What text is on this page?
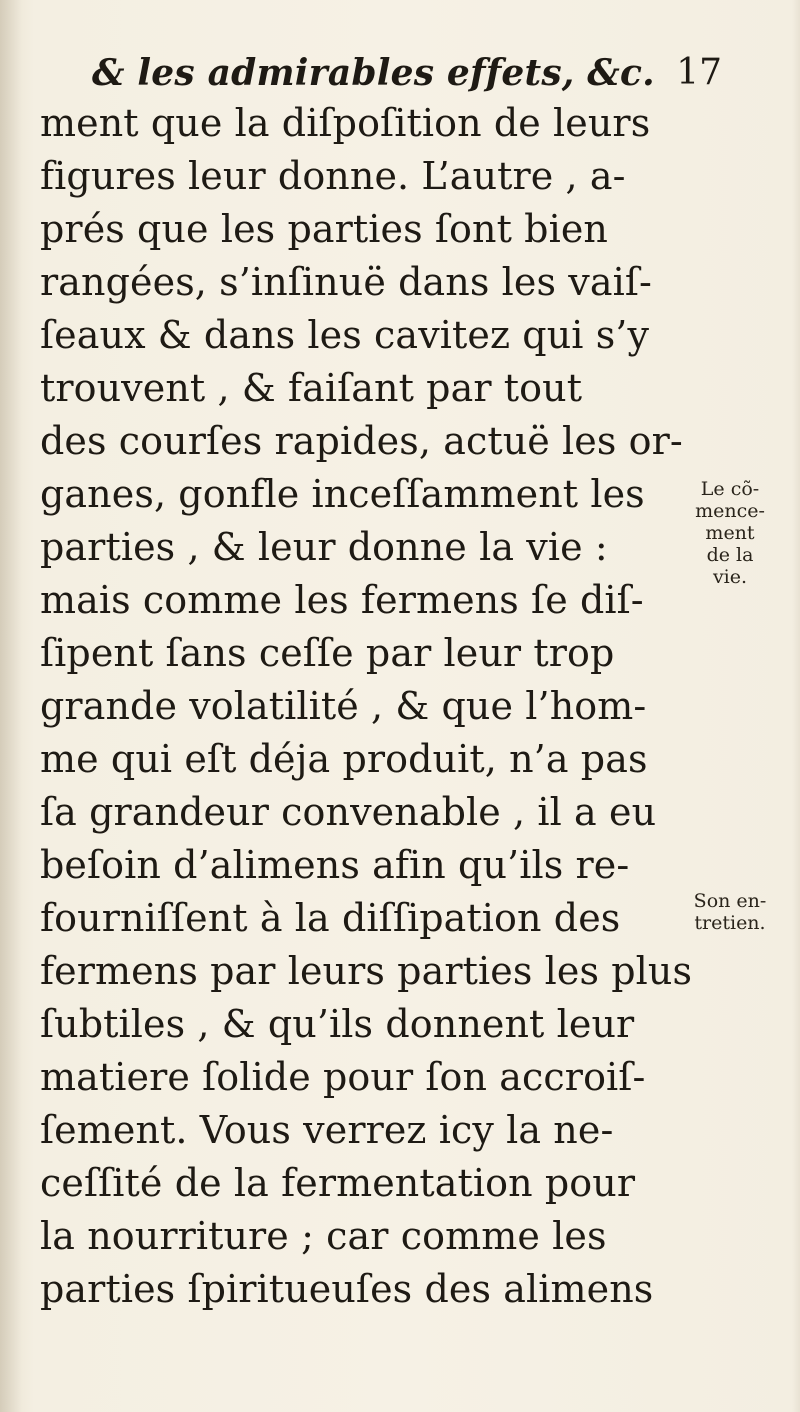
& les admirables effets, &c. 17
ment que la diſpoſition de leurs
figures leur donne. L’autre , a-
prés que les parties ſont bien
rangées, s’inſinuë dans les vaiſ-
ſeaux & dans les cavitez qui s’y
trouvent , & faiſant par tout
des courſes rapides, actuë les or-
ganes, gonfle inceſſamment les
parties , & leur donne la vie :
mais comme les fermens ſe diſ-
ſipent ſans ceſſe par leur trop
grande volatilité , & que l’hom-
me qui eſt déja produit, n’a pas
ſa grandeur convenable , il a eu
beſoin d’alimens afin qu’ils re-
fourniſſent à la diſſipation des
fermens par leurs parties les plus
ſubtiles , & qu’ils donnent leur
matiere ſolide pour ſon accroiſ-
ſement. Vous verrez icy la ne-
ceſſité de la fermentation pour
la nourriture ; car comme les
parties ſpiritueuſes des alimens
Le cõ-
mence-
ment
de la
vie.
Son en-
tretien.
